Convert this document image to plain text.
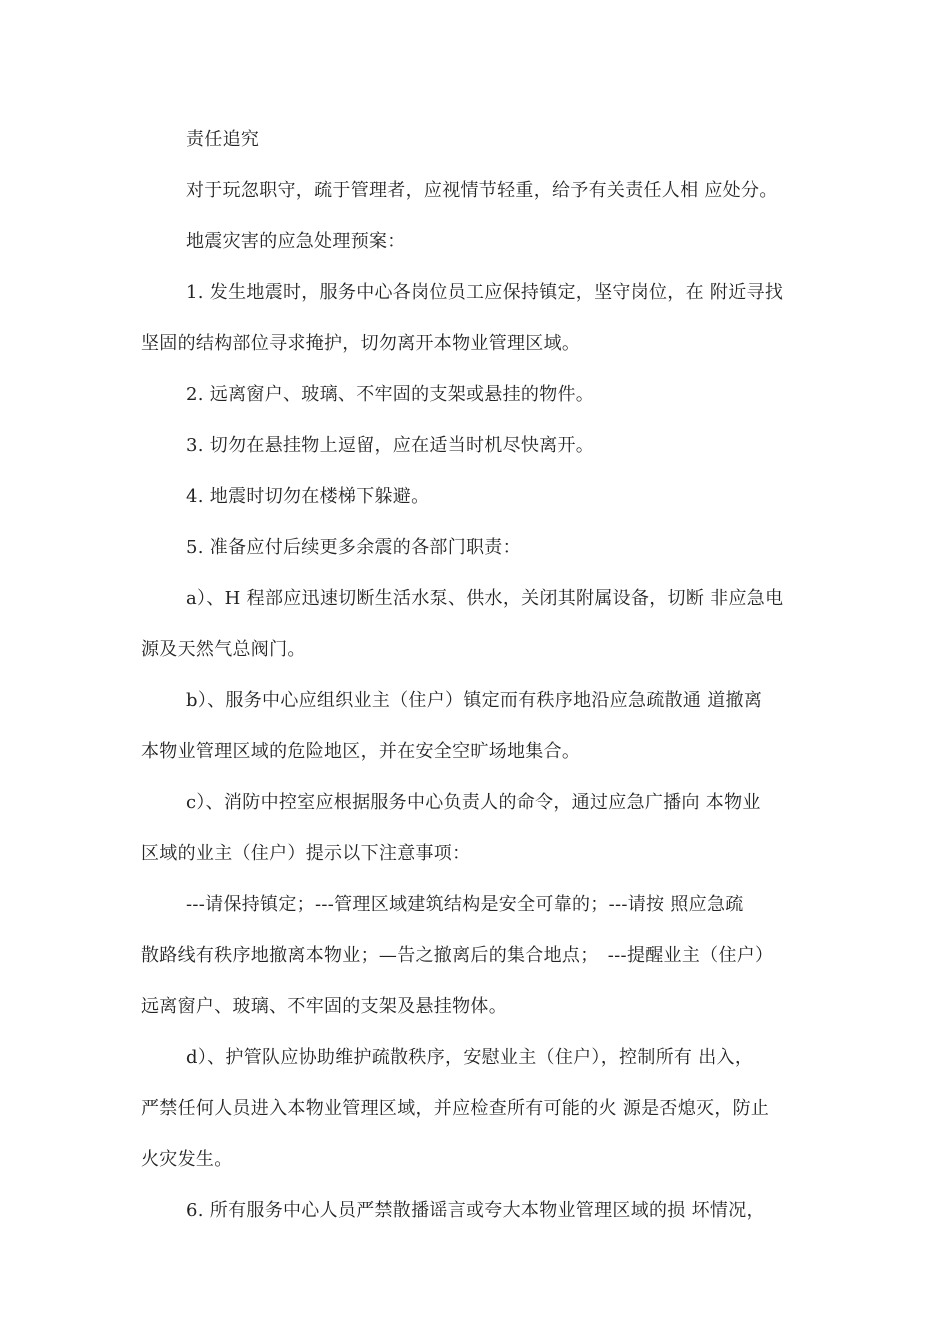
责任追究
对于玩忽职守，疏于管理者，应视情节轻重，给予有关责任人相 应处分。
地震灾害的应急处理预案：
1. 发生地震时，服务中心各岗位员工应保持镇定，坚守岗位，在 附近寻找
坚固的结构部位寻求掩护，切勿离开本物业管理区域。
2. 远离窗户、玻璃、不牢固的支架或悬挂的物件。
3. 切勿在悬挂物上逗留，应在适当时机尽快离开。
4. 地震时切勿在楼梯下躲避。
5. 准备应付后续更多余震的各部门职责：
a）、H 程部应迅速切断生活水泵、供水，关闭其附属设备，切断 非应急电
源及天然气总阀门。
b）、服务中心应组织业主（住户）镇定而有秩序地沿应急疏散通 道撤离
本物业管理区域的危险地区，并在安全空旷场地集合。
c）、消防中控室应根据服务中心负责人的命令，通过应急广播向 本物业
区域的业主（住户）提示以下注意事项：
---请保持镇定；---管理区域建筑结构是安全可靠的；---请按 照应急疏
散路线有秩序地撤离本物业；—告之撤离后的集合地点；　---提醒业主（住户）
远离窗户、玻璃、不牢固的支架及悬挂物体。
d）、护管队应协助维护疏散秩序，安慰业主（住户），控制所有 出入，
严禁任何人员进入本物业管理区域，并应检查所有可能的火 源是否熄灭，防止
火灾发生。
6. 所有服务中心人员严禁散播谣言或夸大本物业管理区域的损 坏情况，
